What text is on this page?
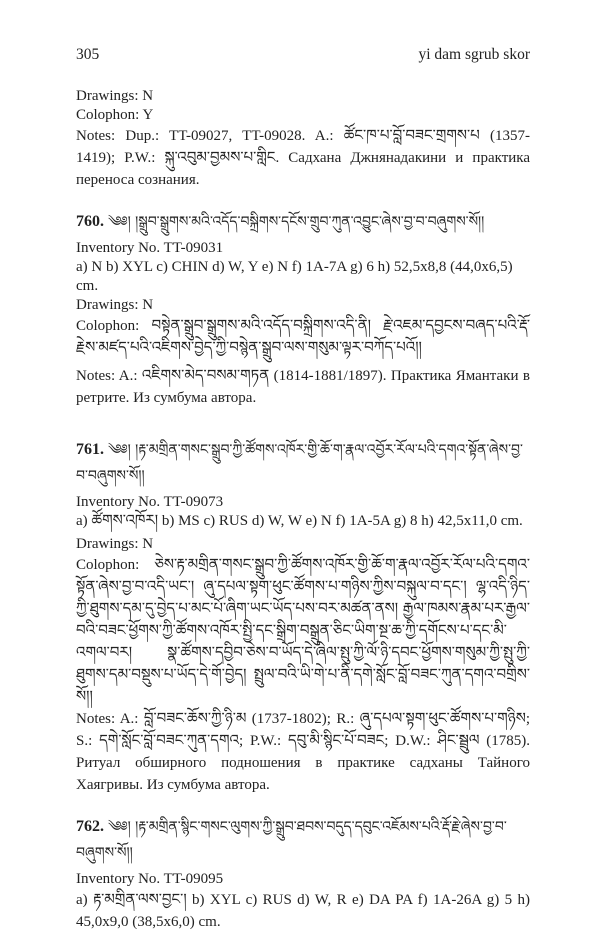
305	yi dam sgrub skor
Drawings: N
Colophon: Y
Notes: Dup.: TT-09027, TT-09028. A.: ཚོང་ཁ་པ་བློ་བཟང་གྲགས་པ (1357-1419); P.W.: སྐུ་འབུམ་བྱམས་པ་གླིང. Садхана Джнянадакини и практика переноса сознания.
760. ༄༅། །སྒྲུབ་སྒྲུགས་མའི་འདོད་བསྐྲིགས་དངོས་གྲུབ་ཀུན་འབྱུང་ཞེས་བྱ་བ་བཞུགས་སོ།།
Inventory No. TT-09031
a) N b) XYL c) CHIN d) W, Y e) N f) 1A-7A g) 6 h) 52,5x8,8 (44,0x6,5) cm.
Drawings: N
Colophon: བསྟེན་སྒྲུབ་སྒྲུགས་མའི་འདོད་བསྐྲིགས་འདི་ནི། རྗེ་འཇམ་དབྱངས་བཞད་པའི་རྡོ་རྗེས་མཛད་པའི་འཇིགས་བྱེད་ཀྱི་བསྙེན་སྒྲུབ་ལས་གསུམ་ལྟར་བཀོད་པའོ།།
Notes: A.: འཇིགས་མེད་བསམ་གཏན (1814-1881/1897). Практика Ямантаки в ретрите. Из сумбума автора.
761. ༄༅། །རྟ་མགྲིན་གསང་སྒྲུབ་ཀྱི་ཚོགས་འཁོར་གྱི་ཆོ་ག་རྣལ་འབྱོར་རོལ་པའི་དགའ་སྟོན་ཞེས་བྱ་བ་བཞུགས་སོ།།
Inventory No. TT-09073
a) ཚོགས་འཁོར། b) MS c) RUS d) W, W e) N f) 1A-5A g) 8 h) 42,5x11,0 cm.
Drawings: N
Colophon: ཅེས་རྟ་མགྲིན་གསང་སྒྲུབ་ཀྱི་ཚོགས་འཁོར་གྱི་ཆོ་ག་རྣལ་འབྱོར་རོལ་པའི་དགའ་སྟོན་ཞེས་བྱ་བ་འདི་ཡང་། ཞུ་དཔལ་སྟག་ཕུང་ཚོགས་པ་གཉིས་ཀྱིས་བསྐུལ་བ་དང་། ལྷ་འདི་ཉིད་ཀྱི་ཐུགས་དམ་དུ་བྱེད་པ་མང་པོ་ཞིག་ཡང་ཡོད་པས་བར་མཚན་ནས། རྒྱལ་ཁམས་རྣམ་པར་རྒྱལ་བའི་བཟང་ཕྱོགས་ཀྱི་ཚོགས་འཁོར་སྤྱི་དང་སྒྲིག་བསྒྲུན་ཅིང་ཡིག་སྔ་ཆ་ཀྱི་དགོངས་པ་དང་མི་འགལ་བར། སྣ་ཚོགས་དབྱིབ་ཅེས་བ་ཡོད་དེ་ཞིལ་སྤུ་ཀྱི་ལོ་ཉི་དབང་ཕྱོགས་གསུམ་ཀྱི་སྤུ་ཀྱི་ཐུགས་དམ་བསྡུས་པ་ཡོད་དེ་གོ་བྱེད། སྤྲུལ་བའི་ཡི་གེ་པ་ནི་དགེ་སློང་བློ་བཟང་ཀུན་དགའ་བགྲིས་སོ།།
Notes: A.: བློ་བཟང་ཆོས་ཀྱི་ཉི་མ (1737-1802); R.: ཞུ་དཔལ་སྟག་ཕུང་ཚོགས་པ་གཉིས; S.: དགེ་སློང་བློ་བཟང་ཀུན་དགའ; P.W.: དབུ་མི་སྙིང་པོ་བཟང; D.W.: ཤིང་སྦྲུལ (1785). Ритуал обширного подношения в практике садханы Тайного Хаягривы. Из сумбума автора.
762. ༄༅། །རྟ་མགྲིན་སྙིང་གསང་ལུགས་ཀྱི་སྒྲུབ་ཐབས་བདུད་དབུང་འཇོམས་པའི་རྡོ་རྗེ་ཞེས་བྱ་བ་བཞུགས་སོ།།
Inventory No. TT-09095
a) རྟ་མགྲིན་ལས་བྱང་། b) XYL c) RUS d) W, R e) DA PA f) 1A-26A g) 5 h) 45,0x9,0 (38,5x6,0) cm.
